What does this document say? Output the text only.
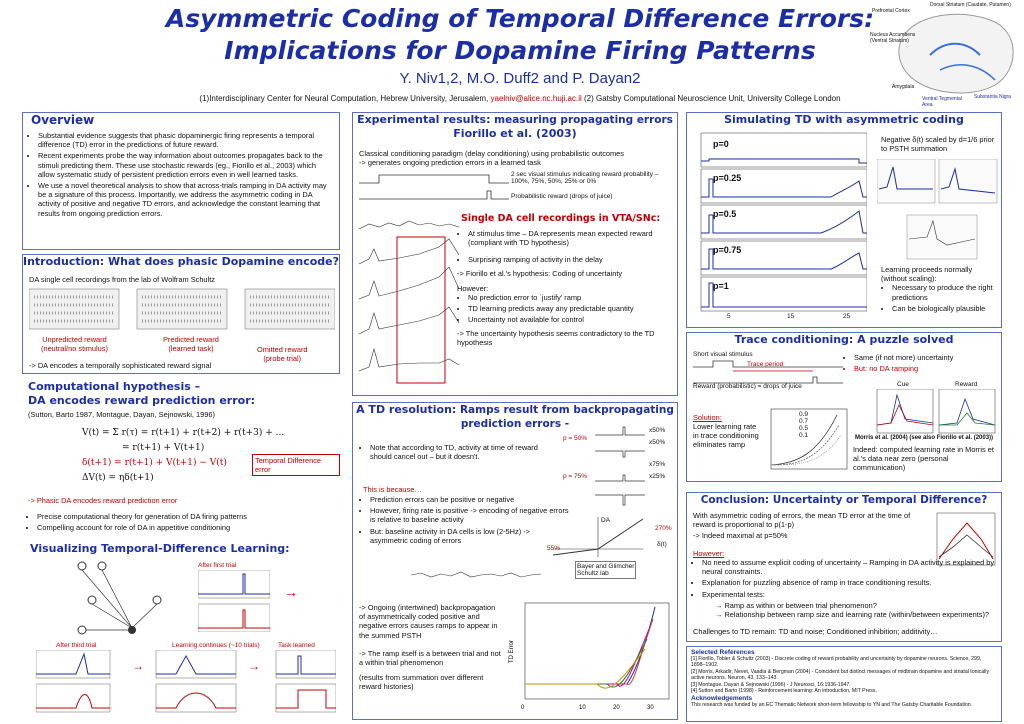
Asymmetric Coding of Temporal Difference Errors:
Implications for Dopamine Firing Patterns
Y. Niv1,2, M.O. Duff2 and P. Dayan2
(1)Interdisciplinary Center for Neural Computation, Hebrew University, Jerusalem, yaelniv@alice.nc.huji.ac.il (2) Gatsby Computational Neuroscience Unit, University College London
Prefrontal Cortex
Dorsal Striatum (Caudate, Putamen)
Nucleus Accumbens (Ventral Striatum)
Amygdala
Ventral Tegmental Area
Substantia Nigra
Overview
• Substantial evidence suggests that phasic dopaminergic firing represents a temporal difference (TD) error in the predictions of future reward.
• Recent experiments probe the way information about outcomes propagates back to the stimuli predicting them. These use stochastic rewards (eg., Fiorillo et al., 2003) which allow systematic study of persistent prediction errors even in well learned tasks.
• We use a novel theoretical analysis to show that across-trials ramping in DA activity may be a signature of this process. Importantly, we address the asymmetric coding in DA activity of positive and negative TD errors, and acknowledge the constant learning that results from ongoing prediction errors.
Introduction: What does phasic Dopamine encode?
DA single cell recordings from the lab of Wolfram Schultz
Unpredicted reward
(neutral/no stimulus)
Predicted reward
(learned task)	Omitted reward
(probe trial)
-> DA encodes a temporally sophisticated reward signal
Computational hypothesis –
DA encodes reward prediction error:
(Sutton, Barto 1987, Montague, Dayan, Sejnowski, 1996)
V(t) = Σ r(τ) = r(t+1) + r(t+2) + r(t+3) + ...
= r(t+1) + V(t+1)
δ(t+1) = r(t+1) + V(t+1) − V(t)
ΔV(t) = ηδ(t+1)
Temporal Difference error
-> Phasic DA encodes reward prediction error
• Precise computational theory for generation of DA firing patterns
• Compelling account for role of DA in appetitive conditioning
Visualizing Temporal-Difference Learning:
After first trial
→
After third trial	Learning continues (~10 trials)	Task learned
→	→
Experimental results: measuring propagating errors
Fiorillo et al. (2003)
Classical conditioning paradigm (delay conditioning) using probabilistic outcomes
-> generates ongoing prediction errors in a learned task
2 sec visual stimulus indicating reward probability – 100%, 75%, 50%, 25% or 0%
Probabilistic reward (drops of juice)
Single DA cell recordings in VTA/SNc:
• At stimulus time – DA represents mean expected reward (compliant with TD hypothesis)
• Surprising ramping of activity in the delay
-> Fiorillo et al.'s hypothesis: Coding of uncertainty
However:
• No prediction error to `justify' ramp
• TD learning predicts away any predictable quantity
• Uncertainty not available for control
-> The uncertainty hypothesis seems contradictory to the TD hypothesis
A TD resolution: Ramps result from backpropagating
prediction errors -
• Note that according to TD, activity at time of reward should cancel out – but it doesn't.
This is because…
• Prediction errors can be positive or negative
• However, firing rate is positive -> encoding of negative errors is relative to baseline activity
• But: baseline activity in DA cells is low (2-5Hz) -> asymmetric coding of errors
p = 50%
p = 75%
x50%
x50%
x75%
x25%
DA
270%
55%
δ(t)
Bayer and Glimcher
Schultz lab
-> Ongoing (intertwined) backpropagation of asymmetrically coded positive and negative errors causes ramps to appear in the summed PSTH
-> The ramp itself is a between trial and not a within trial phenomenon
(results from summation over different reward histories)
TD Error
0	10	20	30
Simulating TD with asymmetric coding
p=0
p=0.25
p=0.5
p=0.75
p=1
5	15	25
Negative δ(t) scaled by d=1/6 prior to PSTH summation
Learning proceeds normally
(without scaling):
• Necessary to produce the right predictions
• Can be biologically plausible
Trace conditioning: A puzzle solved
Short visual stimulus
Trace period
Reward (probabilistic) = drops of juice
• Same (if not more) uncertainty
• But: no DA ramping
Solution:
Lower learning rate in trace conditioning eliminates ramp
0.9
0.7
0.5
0.1
Cue	Reward
Morris et al. (2004) (see also Fiorillo et al. (2003))
Indeed: computed learning rate in Morris et al.'s data near zero (personal communication)
Conclusion: Uncertainty or Temporal Difference?
With asymmetric coding of errors, the mean TD error at the time of reward is proportional to p(1-p)
-> Indeed maximal at p=50%
However:
• No need to assume explicit coding of uncertainty – Ramping in DA activity is explained by neural constraints.
• Explanation for puzzling absence of ramp in trace conditioning results.
• Experimental tests:
→ Ramp as within or between trial phenomenon?
→ Relationship between ramp size and learning rate (within/between experiments)?
Challenges to TD remain: TD and noise; Conditioned inhibition; additivity…
Selected References
[1] Fiorillo, Tobler & Schultz (2003) - Discrete coding of reward probability and uncertainty by dopamine neurons. Science, 299, 1898–1902.
[2] Morris, Arkadir, Nevet, Vaadia & Bergman (2004) - Coincident but distinct messages of midbrain dopamine and striatal tonically active neurons. Neuron, 43, 133–143.
[3] Montague, Dayan & Sejnowski (1996) - J Neurosci, 16:1936-1947.
[4] Sutton and Barto (1998) - Reinforcement learning: An introduction, MIT Press.
Acknowledgements
This research was funded by an EC Thematic Network short-term fellowship to YN and The Gatsby Charitable Foundation.
